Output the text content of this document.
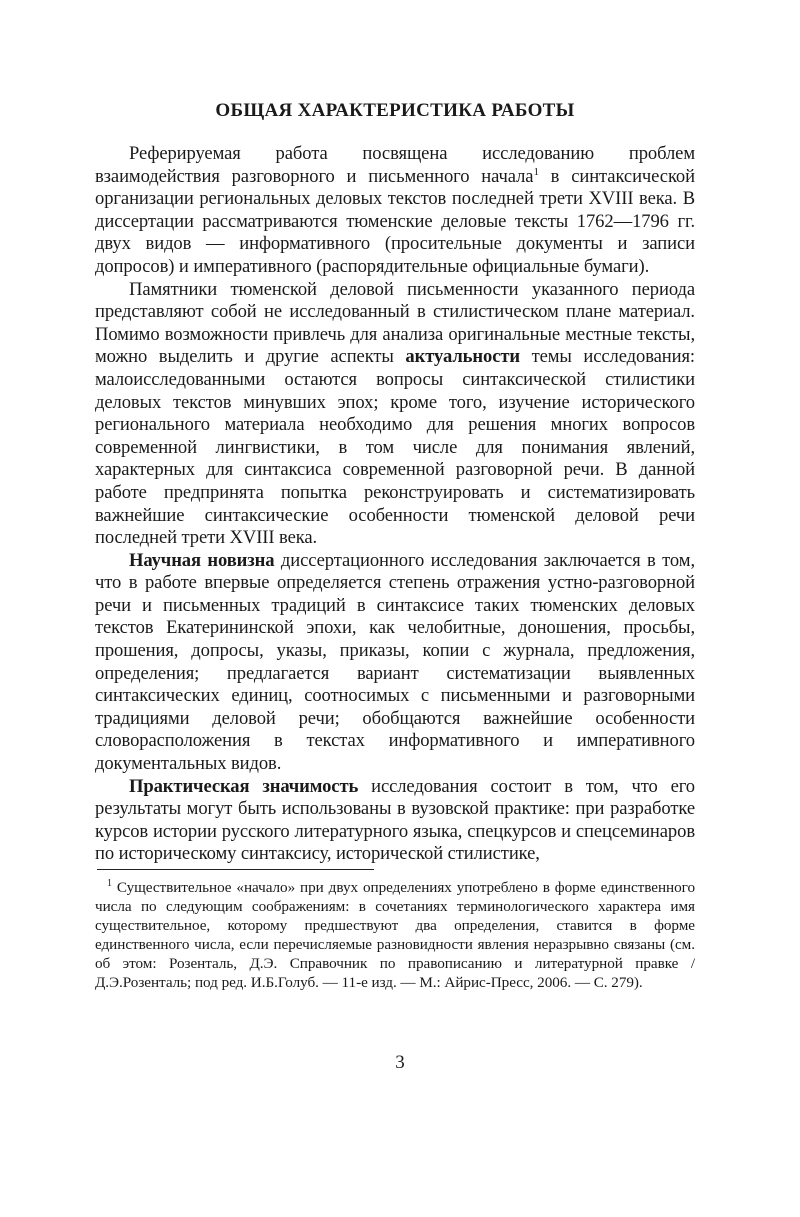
ОБЩАЯ ХАРАКТЕРИСТИКА РАБОТЫ

Реферируемая работа посвящена исследованию проблем взаимодействия разговорного и письменного начала$^1$ в синтаксической организации региональных деловых текстов последней трети XVIII века. В диссертации рассматриваются тюменские деловые тексты 1762—1796 гг. двух видов — информативного (просительные документы и записи допросов) и императивного (распорядительные официальные бумаги).

Памятники тюменской деловой письменности указанного периода представляют собой не исследованный в стилистическом плане материал. Помимо возможности привлечь для анализа оригинальные местные тексты, можно выделить и другие аспекты актуальности темы исследования: малоисследованными остаются вопросы синтаксической стилистики деловых текстов минувших эпох; кроме того, изучение исторического регионального материала необходимо для решения многих вопросов современной лингвистики, в том числе для понимания явлений, характерных для синтаксиса современной разговорной речи. В данной работе предпринята попытка реконструировать и систематизировать важнейшие синтаксические особенности тюменской деловой речи последней трети XVIII века.

Научная новизна диссертационного исследования заключается в том, что в работе впервые определяется степень отражения устно-разговорной речи и письменных традиций в синтаксисе таких тюменских деловых текстов Екатерининской эпохи, как челобитные, доношения, просьбы, прошения, допросы, указы, приказы, копии с журнала, предложения, определения; предлагается вариант систематизации выявленных синтаксических единиц, соотносимых с письменными и разговорными традициями деловой речи; обобщаются важнейшие особенности словорасположения в текстах информативного и императивного документальных видов.

Практическая значимость исследования состоит в том, что его результаты могут быть использованы в вузовской практике: при разработке курсов истории русского литературного языка, спецкурсов и спецсеминаров по историческому синтаксису, исторической стилистике,

$^1$ Существительное «начало» при двух определениях употреблено в форме единственного числа по следующим соображениям: в сочетаниях терминологического характера имя существительное, которому предшествуют два определения, ставится в форме единственного числа, если перечисляемые разновидности явления неразрывно связаны (см. об этом: Розенталь, Д.Э. Справочник по правописанию и литературной правке / Д.Э.Розенталь; под ред. И.Б.Голуб. — 11-е изд. — М.: Айрис-Пресс, 2006. — С. 279).

3
